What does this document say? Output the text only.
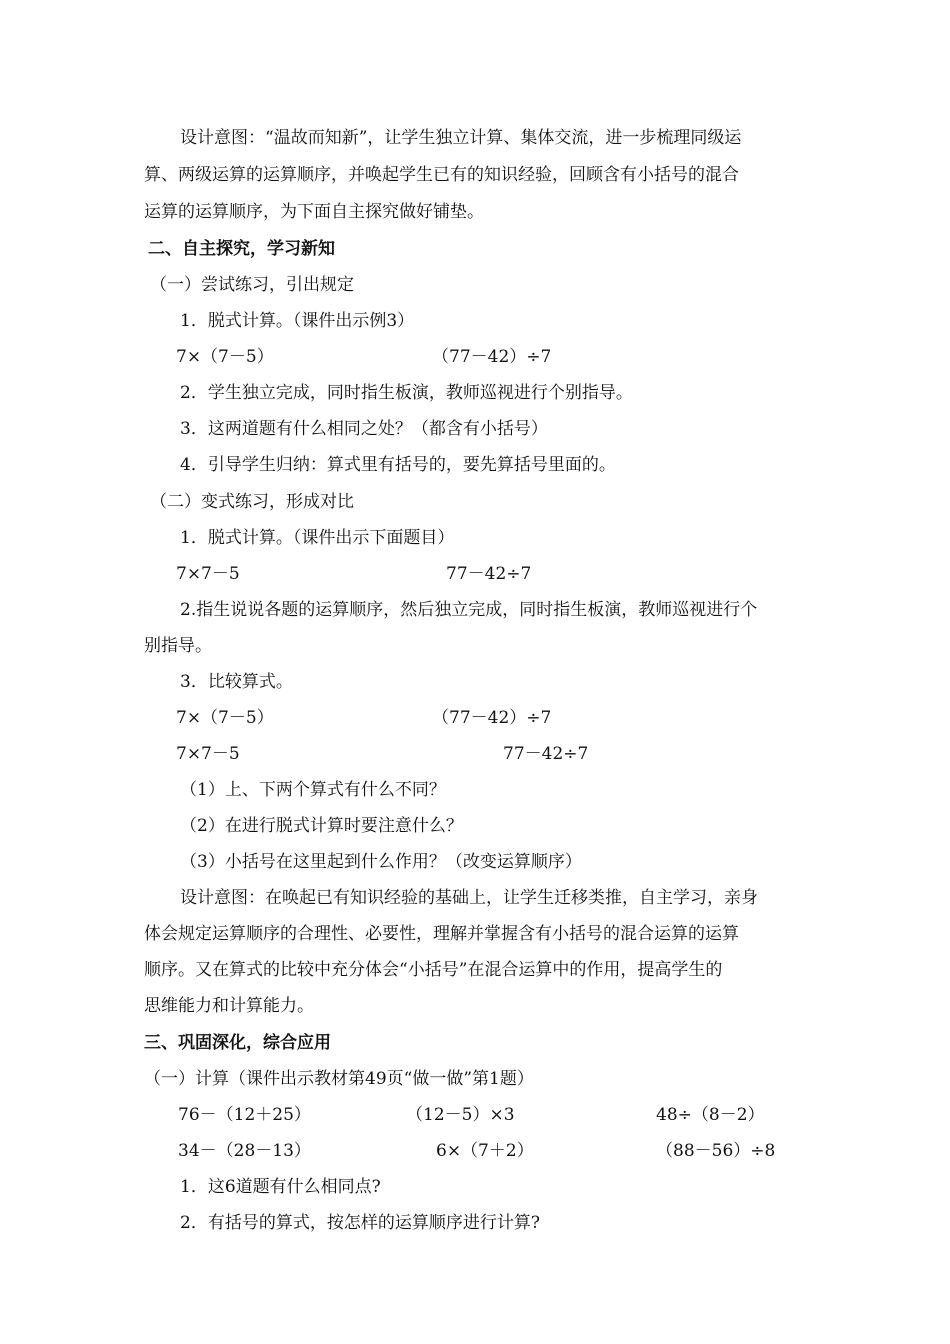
设计意图：“温故而知新”，让学生独立计算、集体交流，进一步梳理同级运
算、两级运算的运算顺序，并唤起学生已有的知识经验，回顾含有小括号的混合
运算的运算顺序，为下面自主探究做好铺垫。
二、自主探究，学习新知
（一）尝试练习，引出规定
1．脱式计算。（课件出示例3）
7×（7－5）	（77－42）÷7
2．学生独立完成，同时指生板演，教师巡视进行个别指导。
3．这两道题有什么相同之处？（都含有小括号）
4．引导学生归纳：算式里有括号的，要先算括号里面的。
（二）变式练习，形成对比
1．脱式计算。（课件出示下面题目）
7×7－5	77－42÷7
2.指生说说各题的运算顺序，然后独立完成，同时指生板演，教师巡视进行个
别指导。
3．比较算式。
7×（7－5）	（77－42）÷7
7×7－5	77－42÷7
（1）上、下两个算式有什么不同？
（2）在进行脱式计算时要注意什么？
（3）小括号在这里起到什么作用？（改变运算顺序）
设计意图：在唤起已有知识经验的基础上，让学生迁移类推，自主学习，亲身
体会规定运算顺序的合理性、必要性，理解并掌握含有小括号的混合运算的运算
顺序。又在算式的比较中充分体会“小括号”在混合运算中的作用，提高学生的
思维能力和计算能力。
三、巩固深化，综合应用
（一）计算（课件出示教材第49页“做一做”第1题）
76－（12＋25）	（12－5）×3	48÷（8－2）
34－（28－13）	6×（7＋2）	（88－56）÷8
1．这6道题有什么相同点?
2．有括号的算式，按怎样的运算顺序进行计算?
